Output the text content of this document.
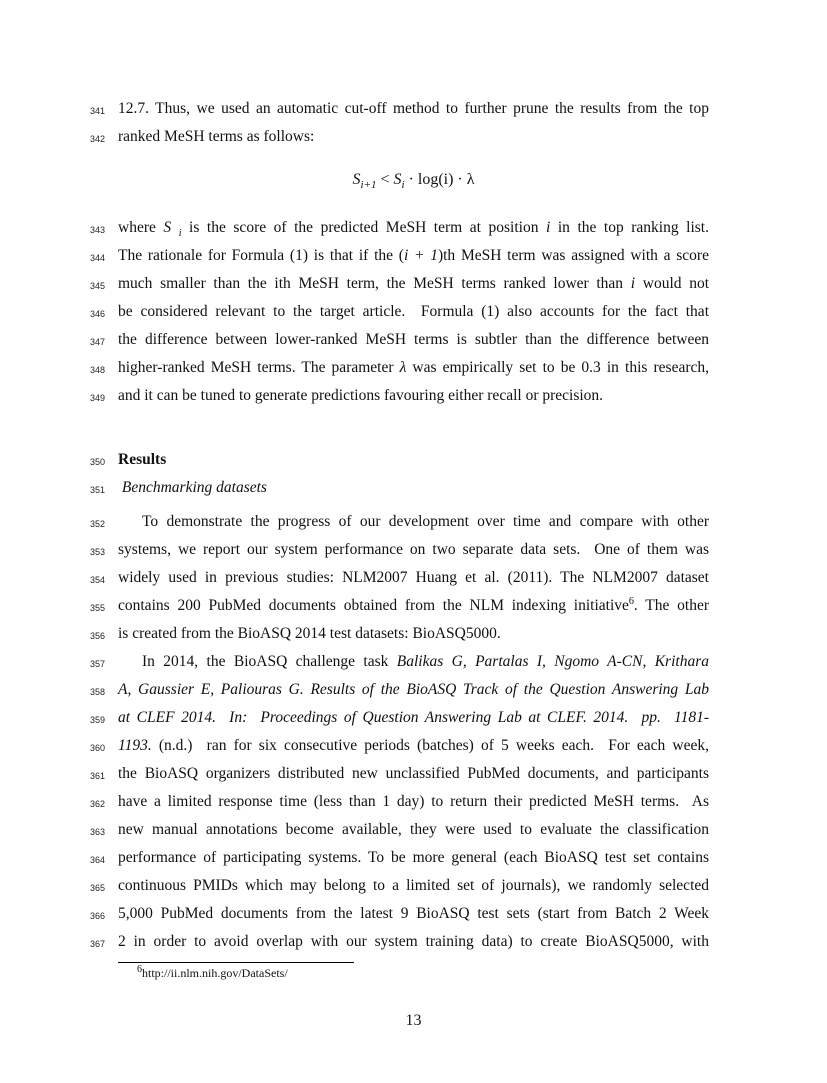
341 12.7. Thus, we used an automatic cut-off method to further prune the results from the top
342 ranked MeSH terms as follows:
343 where S $_i$ is the score of the predicted MeSH term at position i in the top ranking list.
344 The rationale for Formula (1) is that if the (i + 1)th MeSH term was assigned with a score
345 much smaller than the ith MeSH term, the MeSH terms ranked lower than i would not
346 be considered relevant to the target article.  Formula (1) also accounts for the fact that
347 the difference between lower-ranked MeSH terms is subtler than the difference between
348 higher-ranked MeSH terms. The parameter λ was empirically set to be 0.3 in this research,
349 and it can be tuned to generate predictions favouring either recall or precision.
350 Results
351 Benchmarking datasets
352	To demonstrate the progress of our development over time and compare with other
353 systems, we report our system performance on two separate data sets.  One of them was
354 widely used in previous studies: NLM2007 Huang et al. (2011). The NLM2007 dataset
355 contains 200 PubMed documents obtained from the NLM indexing initiative$^6$. The other
356 is created from the BioASQ 2014 test datasets: BioASQ5000.
357	In 2014, the BioASQ challenge task Balikas G, Partalas I, Ngomo A-CN, Krithara
358 A, Gaussier E, Paliouras G. Results of the BioASQ Track of the Question Answering Lab
359 at CLEF 2014.  In:  Proceedings of Question Answering Lab at CLEF. 2014.  pp.  1181-
360 1193. (n.d.)  ran for six consecutive periods (batches) of 5 weeks each.  For each week,
361 the BioASQ organizers distributed new unclassified PubMed documents, and participants
362 have a limited response time (less than 1 day) to return their predicted MeSH terms.  As
363 new manual annotations become available, they were used to evaluate the classification
364 performance of participating systems. To be more general (each BioASQ test set contains
365 continuous PMIDs which may belong to a limited set of journals), we randomly selected
366 5,000 PubMed documents from the latest 9 BioASQ test sets (start from Batch 2 Week
367 2 in order to avoid overlap with our system training data) to create BioASQ5000, with
$S_{i+1} < S_i \cdot \log(i) \cdot \lambda$
$^6$http://ii.nlm.nih.gov/DataSets/
13
